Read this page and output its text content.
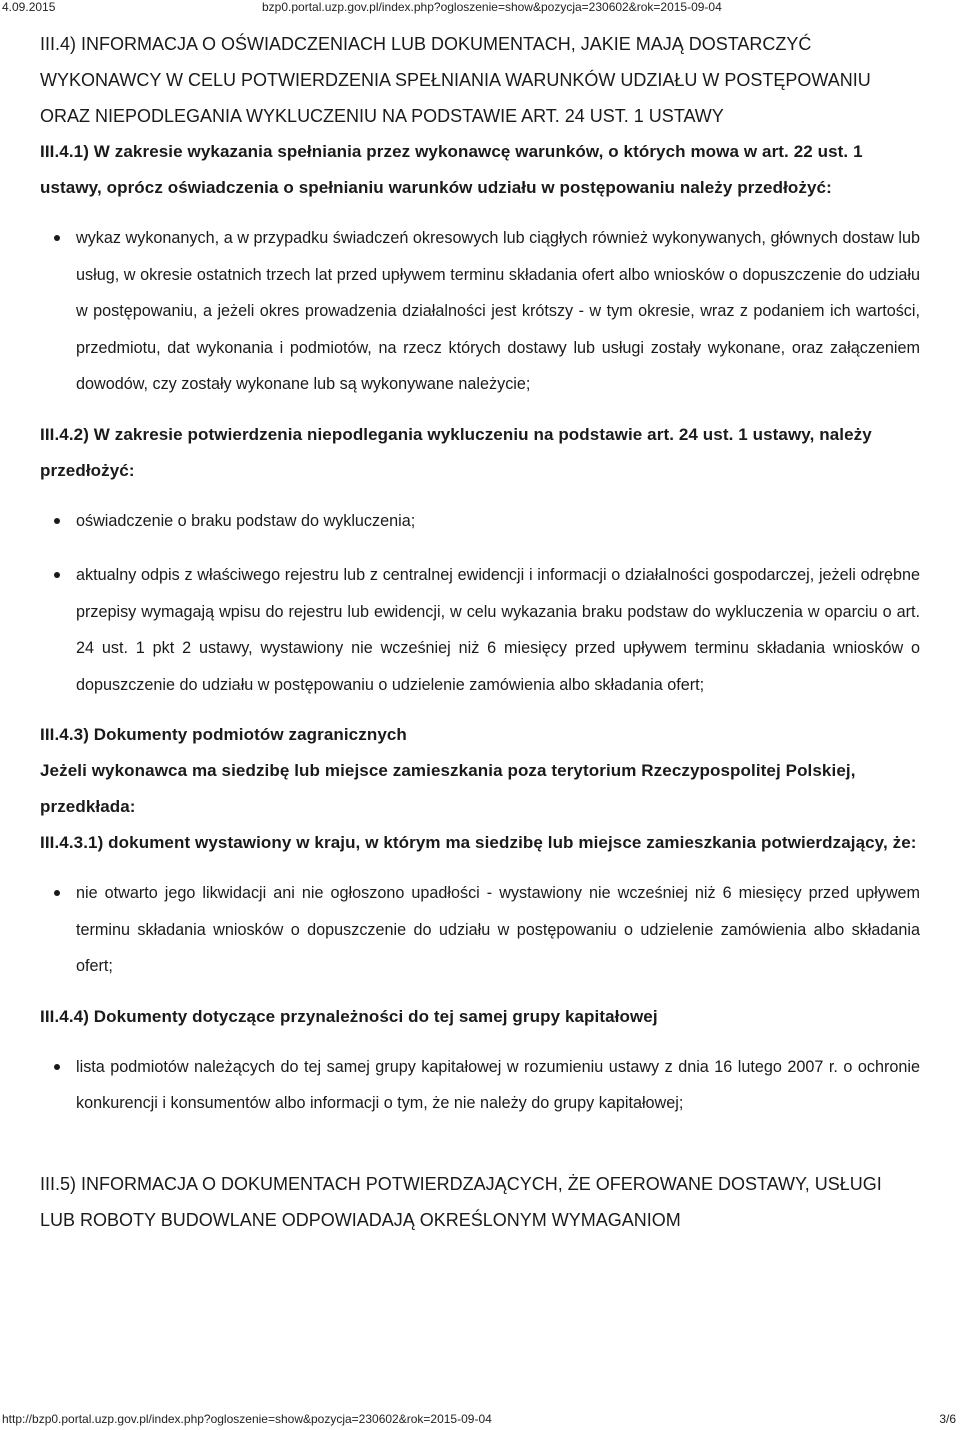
4.09.2015	bzp0.portal.uzp.gov.pl/index.php?ogloszenie=show&pozycja=230602&rok=2015-09-04

III.4) INFORMACJA O OŚWIADCZENIACH LUB DOKUMENTACH, JAKIE MAJĄ DOSTARCZYĆ WYKONAWCY W CELU POTWIERDZENIA SPEŁNIANIA WARUNKÓW UDZIAŁU W POSTĘPOWANIU ORAZ NIEPODLEGANIA WYKLUCZENIU NA PODSTAWIE ART. 24 UST. 1 USTAWY

III.4.1) W zakresie wykazania spełniania przez wykonawcę warunków, o których mowa w art. 22 ust. 1 ustawy, oprócz oświadczenia o spełnianiu warunków udziału w postępowaniu należy przedłożyć:

wykaz wykonanych, a w przypadku świadczeń okresowych lub ciągłych również wykonywanych, głównych dostaw lub usług, w okresie ostatnich trzech lat przed upływem terminu składania ofert albo wniosków o dopuszczenie do udziału w postępowaniu, a jeżeli okres prowadzenia działalności jest krótszy - w tym okresie, wraz z podaniem ich wartości, przedmiotu, dat wykonania i podmiotów, na rzecz których dostawy lub usługi zostały wykonane, oraz załączeniem dowodów, czy zostały wykonane lub są wykonywane należycie;

III.4.2) W zakresie potwierdzenia niepodlegania wykluczeniu na podstawie art. 24 ust. 1 ustawy, należy przedłożyć:

oświadczenie o braku podstaw do wykluczenia;
aktualny odpis z właściwego rejestru lub z centralnej ewidencji i informacji o działalności gospodarczej, jeżeli odrębne przepisy wymagają wpisu do rejestru lub ewidencji, w celu wykazania braku podstaw do wykluczenia w oparciu o art. 24 ust. 1 pkt 2 ustawy, wystawiony nie wcześniej niż 6 miesięcy przed upływem terminu składania wniosków o dopuszczenie do udziału w postępowaniu o udzielenie zamówienia albo składania ofert;

III.4.3) Dokumenty podmiotów zagranicznych

Jeżeli wykonawca ma siedzibę lub miejsce zamieszkania poza terytorium Rzeczypospolitej Polskiej, przedkłada:

III.4.3.1) dokument wystawiony w kraju, w którym ma siedzibę lub miejsce zamieszkania potwierdzający, że:

nie otwarto jego likwidacji ani nie ogłoszono upadłości - wystawiony nie wcześniej niż 6 miesięcy przed upływem terminu składania wniosków o dopuszczenie do udziału w postępowaniu o udzielenie zamówienia albo składania ofert;

III.4.4) Dokumenty dotyczące przynależności do tej samej grupy kapitałowej

lista podmiotów należących do tej samej grupy kapitałowej w rozumieniu ustawy z dnia 16 lutego 2007 r. o ochronie konkurencji i konsumentów albo informacji o tym, że nie należy do grupy kapitałowej;

III.5) INFORMACJA O DOKUMENTACH POTWIERDZAJĄCYCH, ŻE OFEROWANE DOSTAWY, USŁUGI LUB ROBOTY BUDOWLANE ODPOWIADAJĄ OKREŚLONYM WYMAGANIOM

http://bzp0.portal.uzp.gov.pl/index.php?ogloszenie=show&pozycja=230602&rok=2015-09-04	3/6
